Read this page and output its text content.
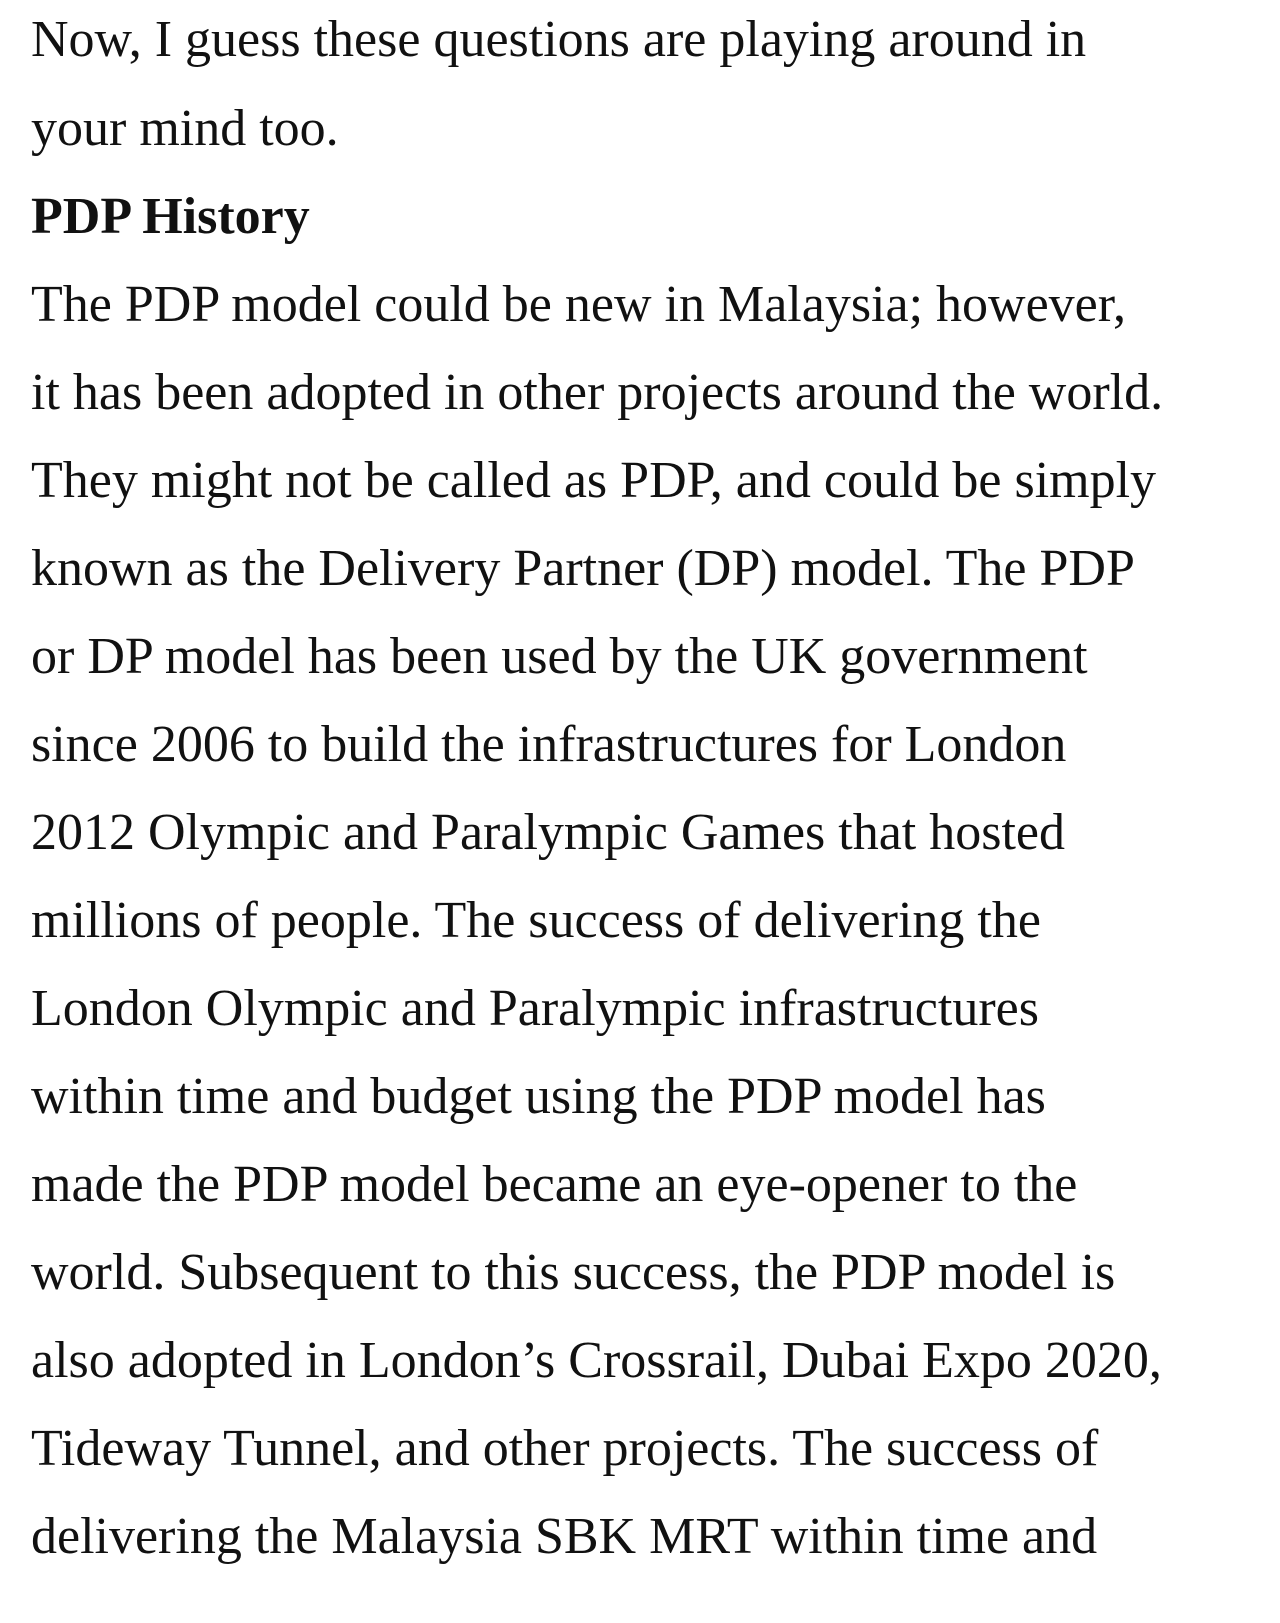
Now, I guess these questions are playing around in
your mind too.
PDP History
The PDP model could be new in Malaysia; however,
it has been adopted in other projects around the world.
They might not be called as PDP, and could be simply
known as the Delivery Partner (DP) model. The PDP
or DP model has been used by the UK government
since 2006 to build the infrastructures for London
2012 Olympic and Paralympic Games that hosted
millions of people. The success of delivering the
London Olympic and Paralympic infrastructures
within time and budget using the PDP model has
made the PDP model became an eye-opener to the
world. Subsequent to this success, the PDP model is
also adopted in London’s Crossrail, Dubai Expo 2020,
Tideway Tunnel, and other projects. The success of
delivering the Malaysia SBK MRT within time and
